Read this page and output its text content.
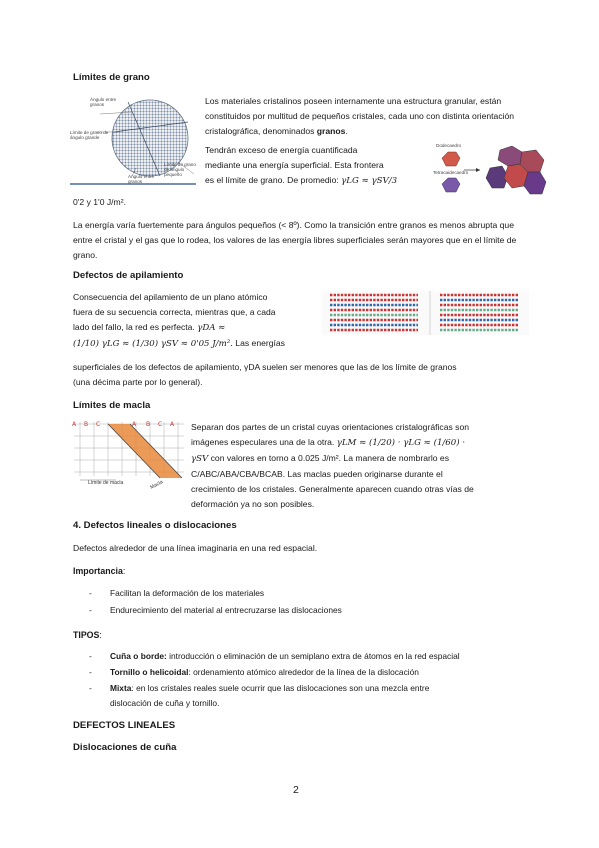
Límites de grano
Ángulo entre granos
Límite de grano de ángulo grande
Límite de grano de ángulo pequeño
Ángulo entre granos
Los materiales cristalinos poseen internamente una estructura granular, están constituidos por multitud de pequeños cristales, cada uno con distinta orientación cristalográfica, denominados granos.
Tendrán exceso de energía cuantificada
mediante una energía superficial. Esta frontera
es el límite de grano. De promedio: γLG ≈ γSV/3
Dodecaedro
Tetracaidecaedro
0'2 y 1'0 J/m².
La energía varía fuertemente para ángulos pequeños (< 8º). Como la transición entre granos es menos abrupta que entre el cristal y el gas que lo rodea, los valores de las energía libres superficiales serán mayores que en el límite de grano.
Defectos de apilamiento
Consecuencia del apilamiento de un plano atómico
fuera de su secuencia correcta, mientras que, a cada
lado del fallo, la red es perfecta. γDA ≈
(1/10) γLG ≈ (1/30) γSV ≈ 0'05 J/m². Las energías
superficiales de los defectos de apilamiento, γDA suelen ser menores que las de los límite de granos
(una décima parte por lo general).
Límites de macla
A B C	A B C A
Límite de macla	Macla
Separan dos partes de un cristal cuyas orientaciones cristalográficas son
imágenes especulares una de la otra. γLM ≈ (1/20) · γLG ≈ (1/60) ·
γSV con valores en torno a 0.025 J/m². La manera de nombrarlo es
C/ABC/ABA/CBA/BCAB. Las maclas pueden originarse durante el
crecimiento de los cristales. Generalmente aparecen cuando otras vías de
deformación ya no son posibles.
4. Defectos lineales o dislocaciones
Defectos alrededor de una línea imaginaria en una red espacial.
Importancia:
- Facilitan la deformación de los materiales
- Endurecimiento del material al entrecruzarse las dislocaciones
TIPOS:
- Cuña o borde: introducción o eliminación de un semiplano extra de átomos en la red espacial
- Tornillo o helicoidal: ordenamiento atómico alrededor de la línea de la dislocación
- Mixta: en los cristales reales suele ocurrir que las dislocaciones son una mezcla entre
dislocación de cuña y tornillo.
DEFECTOS LINEALES
Dislocaciones de cuña
2
